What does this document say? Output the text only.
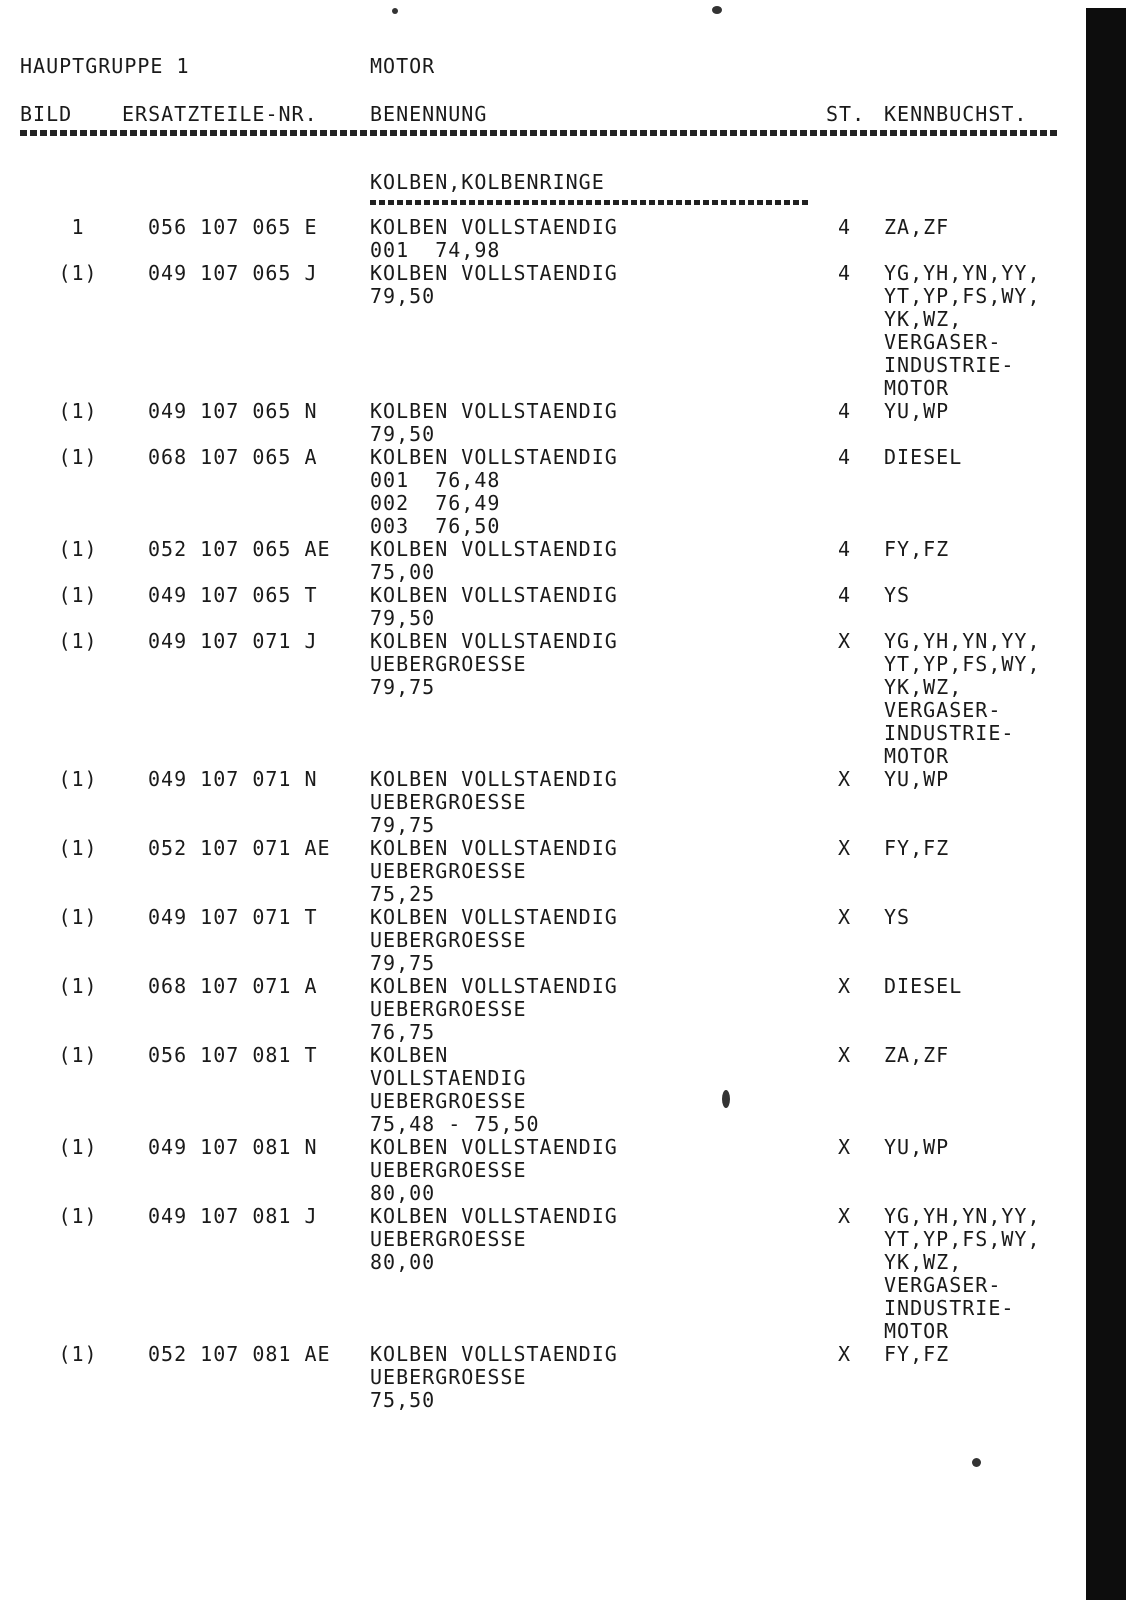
HAUPTGRUPPE 1	MOTOR
BILD ERSATZTEILE-NR.	BENENNUNG	ST. KENNBUCHST.
KOLBEN,KOLBENRINGE
1	056 107 065 E	KOLBEN VOLLSTAENDIG
001  74,98
4 ZA,ZF
(1)	049 107 065 J	KOLBEN VOLLSTAENDIG
79,50
4 YG,YH,YN,YY,
YT,YP,FS,WY,
YK,WZ,
VERGASER-
INDUSTRIE-
MOTOR
(1)	049 107 065 N	KOLBEN VOLLSTAENDIG
79,50
4 YU,WP
(1)	068 107 065 A	KOLBEN VOLLSTAENDIG
001  76,48
002  76,49
003  76,50
4 DIESEL
(1)	052 107 065 AE KOLBEN VOLLSTAENDIG
75,00
4 FY,FZ
(1)	049 107 065 T	KOLBEN VOLLSTAENDIG
79,50
4 YS
(1)	049 107 071 J	KOLBEN VOLLSTAENDIG
UEBERGROESSE
79,75
X YG,YH,YN,YY,
YT,YP,FS,WY,
YK,WZ,
VERGASER-
INDUSTRIE-
MOTOR
(1)	049 107 071 N	KOLBEN VOLLSTAENDIG
UEBERGROESSE
79,75
X YU,WP
(1)	052 107 071 AE KOLBEN VOLLSTAENDIG
UEBERGROESSE
75,25
X FY,FZ
(1)	049 107 071 T	KOLBEN VOLLSTAENDIG
UEBERGROESSE
79,75
X YS
(1)	068 107 071 A	KOLBEN VOLLSTAENDIG
UEBERGROESSE
76,75
X DIESEL
(1)	056 107 081 T	KOLBEN
VOLLSTAENDIG
UEBERGROESSE
75,48 - 75,50
X ZA,ZF
(1)	049 107 081 N	KOLBEN VOLLSTAENDIG
UEBERGROESSE
80,00
X YU,WP
(1)	049 107 081 J	KOLBEN VOLLSTAENDIG
UEBERGROESSE
80,00
X YG,YH,YN,YY,
YT,YP,FS,WY,
YK,WZ,
VERGASER-
INDUSTRIE-
MOTOR
(1)	052 107 081 AE KOLBEN VOLLSTAENDIG
UEBERGROESSE
75,50
X FY,FZ
